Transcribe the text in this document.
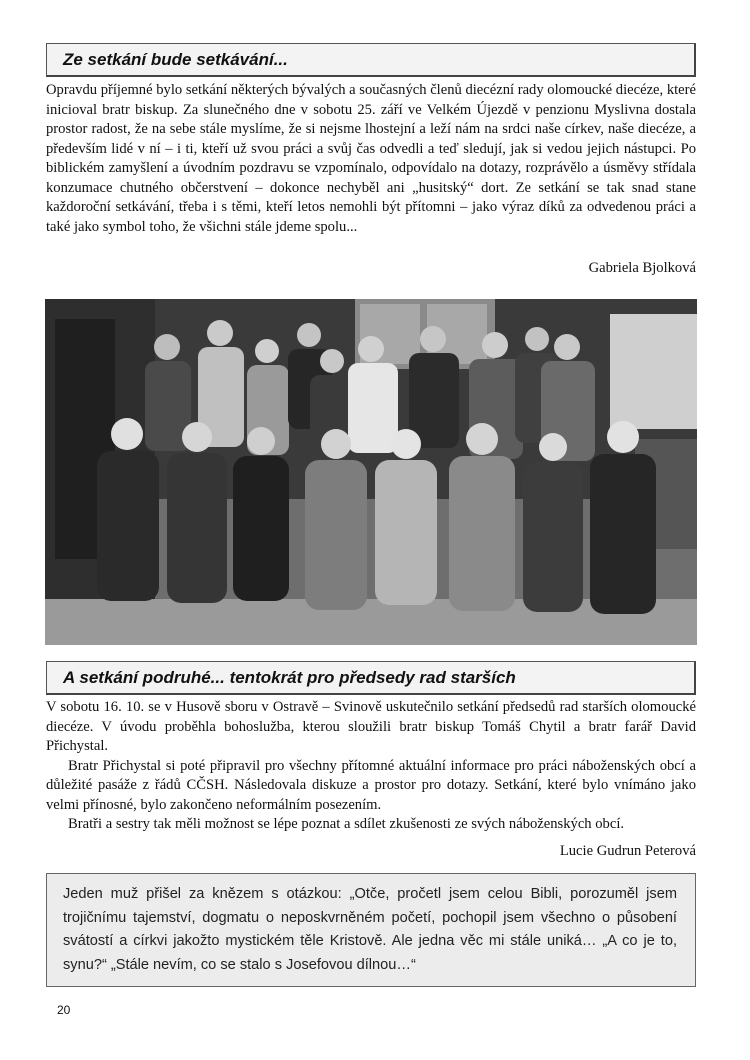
Ze setkání bude setkávání...

Opravdu příjemné bylo setkání některých bývalých a současných členů diecézní rady olomoucké diecéze, které inicioval bratr biskup. Za slunečného dne v sobotu 25. září ve Velkém Újezdě v penzionu Myslivna dostala prostor radost, že na sebe stále myslíme, že si nejsme lhostejní a leží nám na srdci naše církev, naše diecéze, a především lidé v ní – i ti, kteří už svou práci a svůj čas odvedli a teď sledují, jak si vedou jejich nástupci. Po biblickém zamyšlení a úvodním pozdravu se vzpomínalo, odpovídalo na dotazy, rozprávělo a úsměvy střídala konzumace chutného občerstvení – dokonce nechyběl ani „husitský“ dort. Ze setkání se tak snad stane každoroční setkávání, třeba i s těmi, kteří letos nemohli být přítomni – jako výraz díků za odvedenou práci a také jako symbol toho, že všichni stále jdeme spolu...

Gabriela Bjolková
A setkání podruhé... tentokrát pro předsedy rad starších

V sobotu 16. 10. se v Husově sboru v Ostravě – Svinově uskutečnilo setkání předsedů rad starších olomoucké diecéze. V úvodu proběhla bohoslužba, kterou sloužili bratr biskup Tomáš Chytil a bratr farář David Přichystal.

Bratr Přichystal si poté připravil pro všechny přítomné aktuální informace pro práci náboženských obcí a důležité pasáže z řádů CČSH. Následovala diskuze a prostor pro dotazy. Setkání, které bylo vnímáno jako velmi přínosné, bylo zakončeno neformálním posezením.

Bratři a sestry tak měli možnost se lépe poznat a sdílet zkušenosti ze svých náboženských obcí.

Lucie Gudrun Peterová

Jeden muž přišel za knězem s otázkou: „Otče, pročetl jsem celou Bibli, porozuměl jsem trojičnímu tajemství, dogmatu o neposkvrněném početí, pochopil jsem všechno o působení svátostí a církvi jakožto mystickém těle Kristově. Ale jedna věc mi stále uniká… „A co je to, synu?“ „Stále nevím, co se stalo s Josefovou dílnou…“

20
